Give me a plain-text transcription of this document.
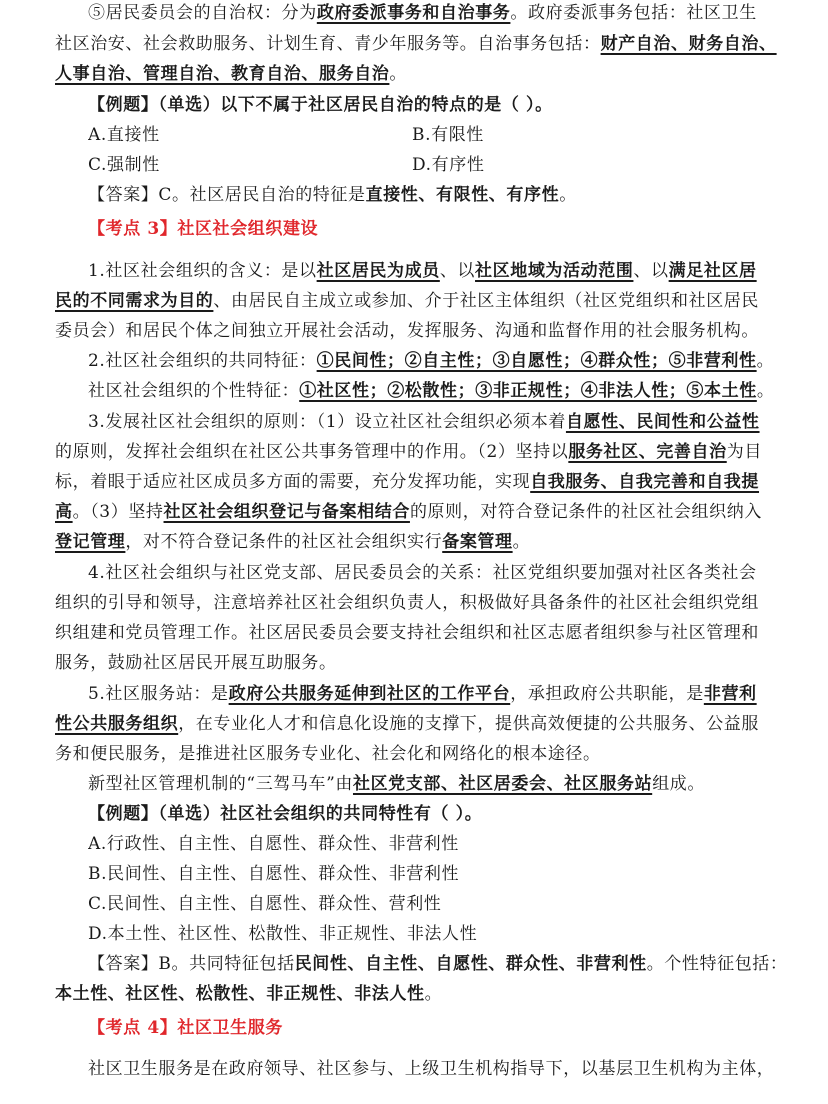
⑤居民委员会的自治权：分为政府委派事务和自治事务。政府委派事务包括：社区卫生
社区治安、社会救助服务、计划生育、青少年服务等。自治事务包括：财产自治、财务自治、
人事自治、管理自治、教育自治、服务自治。
【例题】（单选）以下不属于社区居民自治的特点的是（ ）。
A.直接性	B.有限性
C.强制性	D.有序性
【答案】C。社区居民自治的特征是直接性、有限性、有序性。
【考点 3】社区社会组织建设
1.社区社会组织的含义：是以社区居民为成员、以社区地域为活动范围、以满足社区居
民的不同需求为目的、由居民自主成立或参加、介于社区主体组织（社区党组织和社区居民
委员会）和居民个体之间独立开展社会活动，发挥服务、沟通和监督作用的社会服务机构。
2.社区社会组织的共同特征：①民间性；②自主性；③自愿性；④群众性；⑤非营利性。
社区社会组织的个性特征：①社区性；②松散性；③非正规性；④非法人性；⑤本土性。
3.发展社区社会组织的原则：（1）设立社区社会组织必须本着自愿性、民间性和公益性
的原则，发挥社会组织在社区公共事务管理中的作用。（2）坚持以服务社区、完善自治为目
标，着眼于适应社区成员多方面的需要，充分发挥功能，实现自我服务、自我完善和自我提
高。（3）坚持社区社会组织登记与备案相结合的原则，对符合登记条件的社区社会组织纳入
登记管理，对不符合登记条件的社区社会组织实行备案管理。
4.社区社会组织与社区党支部、居民委员会的关系：社区党组织要加强对社区各类社会
组织的引导和领导，注意培养社区社会组织负责人，积极做好具备条件的社区社会组织党组
织组建和党员管理工作。社区居民委员会要支持社会组织和社区志愿者组织参与社区管理和
服务，鼓励社区居民开展互助服务。
5.社区服务站：是政府公共服务延伸到社区的工作平台，承担政府公共职能，是非营利
性公共服务组织，在专业化人才和信息化设施的支撑下，提供高效便捷的公共服务、公益服
务和便民服务，是推进社区服务专业化、社会化和网络化的根本途径。
新型社区管理机制的“三驾马车”由社区党支部、社区居委会、社区服务站组成。
【例题】（单选）社区社会组织的共同特性有（ ）。
A.行政性、自主性、自愿性、群众性、非营利性
B.民间性、自主性、自愿性、群众性、非营利性
C.民间性、自主性、自愿性、群众性、营利性
D.本土性、社区性、松散性、非正规性、非法人性
【答案】B。共同特征包括民间性、自主性、自愿性、群众性、非营利性。个性特征包括：
本土性、社区性、松散性、非正规性、非法人性。
【考点 4】社区卫生服务
社区卫生服务是在政府领导、社区参与、上级卫生机构指导下，以基层卫生机构为主体，
